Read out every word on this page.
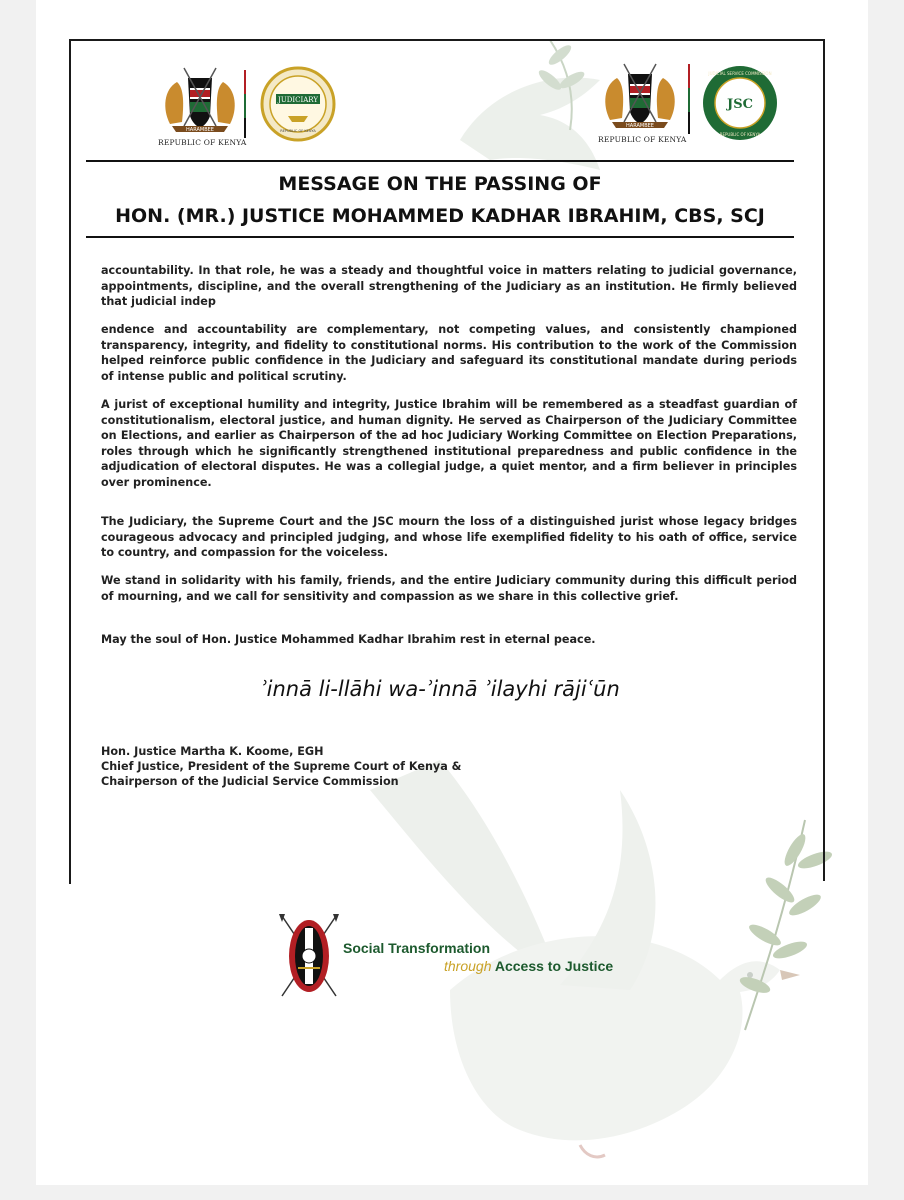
HARAMBEE
REPUBLIC OF KENYA
JUDICIARY
REPUBLIC OF KENYA
HARAMBEE
REPUBLIC OF KENYA
JSC
JUDICIAL SERVICE COMMISSION
REPUBLIC OF KENYA
MESSAGE ON THE PASSING OF
HON. (MR.) JUSTICE MOHAMMED KADHAR IBRAHIM, CBS, SCJ
accountability. In that role, he was a steady and thoughtful voice in matters relating to judicial governance, appointments, discipline, and the overall strengthening of the Judiciary as an institution. He firmly believed that judicial indep
endence and accountability are complementary, not competing values, and consistently championed transparency, integrity, and fidelity to constitutional norms. His contribution to the work of the Commission helped reinforce public confidence in the Judiciary and safeguard its constitutional mandate during periods of intense public and political scrutiny.
A jurist of exceptional humility and integrity, Justice Ibrahim will be remembered as a steadfast guardian of constitutionalism, electoral justice, and human dignity. He served as Chairperson of the Judiciary Committee on Elections, and earlier as Chairperson of the ad hoc Judiciary Working Committee on Election Preparations, roles through which he significantly strengthened institutional preparedness and public confidence in the adjudication of electoral disputes. He was a collegial judge, a quiet mentor, and a firm believer in principles over prominence.
The Judiciary, the Supreme Court and the JSC mourn the loss of a distinguished jurist whose legacy bridges courageous advocacy and principled judging, and whose life exemplified fidelity to his oath of office, service to country, and compassion for the voiceless.
We stand in solidarity with his family, friends, and the entire Judiciary community during this difficult period of mourning, and we call for sensitivity and compassion as we share in this collective grief.
May the soul of Hon. Justice Mohammed Kadhar Ibrahim rest in eternal peace.
ʾinnā li-llāhi wa-ʾinnā ʾilayhi rājiʿūn
Hon. Justice Martha K. Koome, EGH
Chief Justice, President of the Supreme Court of Kenya &
Chairperson of the Judicial Service Commission
Social Transformation
through Access to Justice
